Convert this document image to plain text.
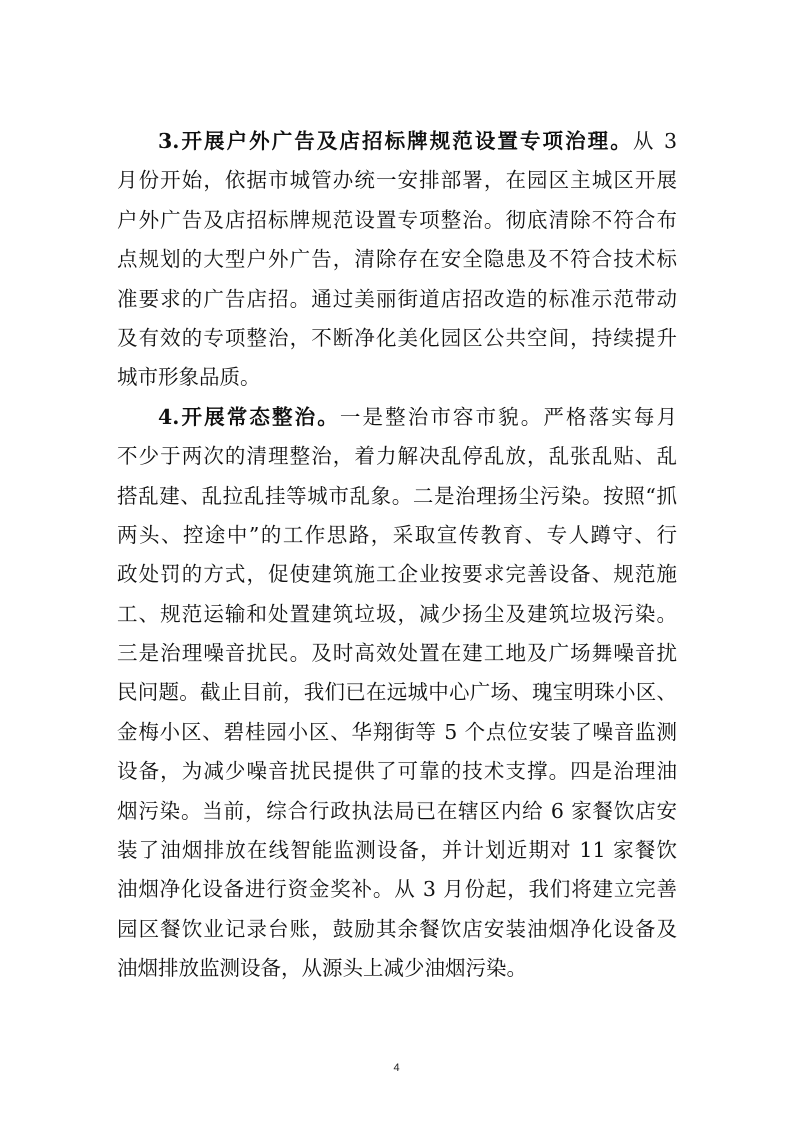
3.开展户外广告及店招标牌规范设置专项治理。从 3
月份开始，依据市城管办统一安排部署，在园区主城区开展
户外广告及店招标牌规范设置专项整治。彻底清除不符合布
点规划的大型户外广告，清除存在安全隐患及不符合技术标
准要求的广告店招。通过美丽街道店招改造的标准示范带动
及有效的专项整治，不断净化美化园区公共空间，持续提升
城市形象品质。
4.开展常态整治。一是整治市容市貌。严格落实每月
不少于两次的清理整治，着力解决乱停乱放，乱张乱贴、乱
搭乱建、乱拉乱挂等城市乱象。二是治理扬尘污染。按照“抓
两头、控途中”的工作思路，采取宣传教育、专人蹲守、行
政处罚的方式，促使建筑施工企业按要求完善设备、规范施
工、规范运输和处置建筑垃圾，减少扬尘及建筑垃圾污染。
三是治理噪音扰民。及时高效处置在建工地及广场舞噪音扰
民问题。截止目前，我们已在远城中心广场、瑰宝明珠小区、
金梅小区、碧桂园小区、华翔街等 5 个点位安装了噪音监测
设备，为减少噪音扰民提供了可靠的技术支撑。四是治理油
烟污染。当前，综合行政执法局已在辖区内给 6 家餐饮店安
装了油烟排放在线智能监测设备，并计划近期对 11 家餐饮
油烟净化设备进行资金奖补。从 3 月份起，我们将建立完善
园区餐饮业记录台账，鼓励其余餐饮店安装油烟净化设备及
油烟排放监测设备，从源头上减少油烟污染。
4
